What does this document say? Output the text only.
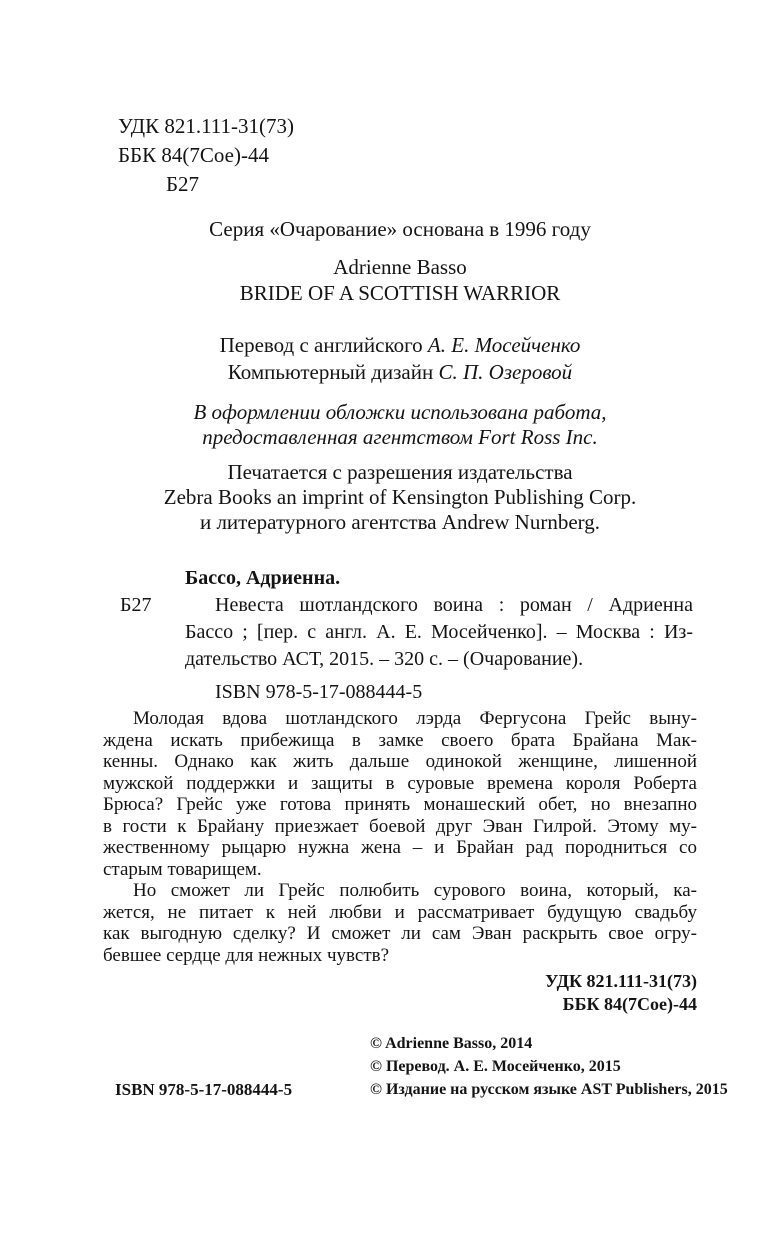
УДК 821.111-31(73)
ББК 84(7Сое)-44
Б27
Серия «Очарование» основана в 1996 году
Adrienne Basso
BRIDE OF A SCOTTISH WARRIOR
Перевод с английского А. Е. Мосейченко
Компьютерный дизайн С. П. Озеровой
В оформлении обложки использована работа,
предоставленная агентством Fort Ross Inc.
Печатается с разрешения издательства
Zebra Books an imprint of Kensington Publishing Corp.
и литературного агентства Andrew Nurnberg.
Бассо, Адриенна.
Б27	Невеста шотландского воина : роман / Адриенна
Бассо ; [пер. с англ. А. Е. Мосейченко]. – Москва : Из-
дательство АСТ, 2015. – 320 с. – (Очарование).
ISBN 978-5-17-088444-5
Молодая вдова шотландского лэрда Фергусона Грейс выну-
ждена искать прибежища в замке своего брата Брайана Мак-
кенны. Однако как жить дальше одинокой женщине, лишенной
мужской поддержки и защиты в суровые времена короля Роберта
Брюса? Грейс уже готова принять монашеский обет, но внезапно
в гости к Брайану приезжает боевой друг Эван Гилрой. Этому му-
жественному рыцарю нужна жена – и Брайан рад породниться со
старым товарищем.
Но сможет ли Грейс полюбить сурового воина, который, ка-
жется, не питает к ней любви и рассматривает будущую свадьбу
как выгодную сделку? И сможет ли сам Эван раскрыть свое огру-
бевшее сердце для нежных чувств?
УДК 821.111-31(73)
ББК 84(7Сое)-44
ISBN 978-5-17-088444-5
© Adrienne Basso, 2014
© Перевод. А. Е. Мосейченко, 2015
© Издание на русском языке AST Publishers, 2015
